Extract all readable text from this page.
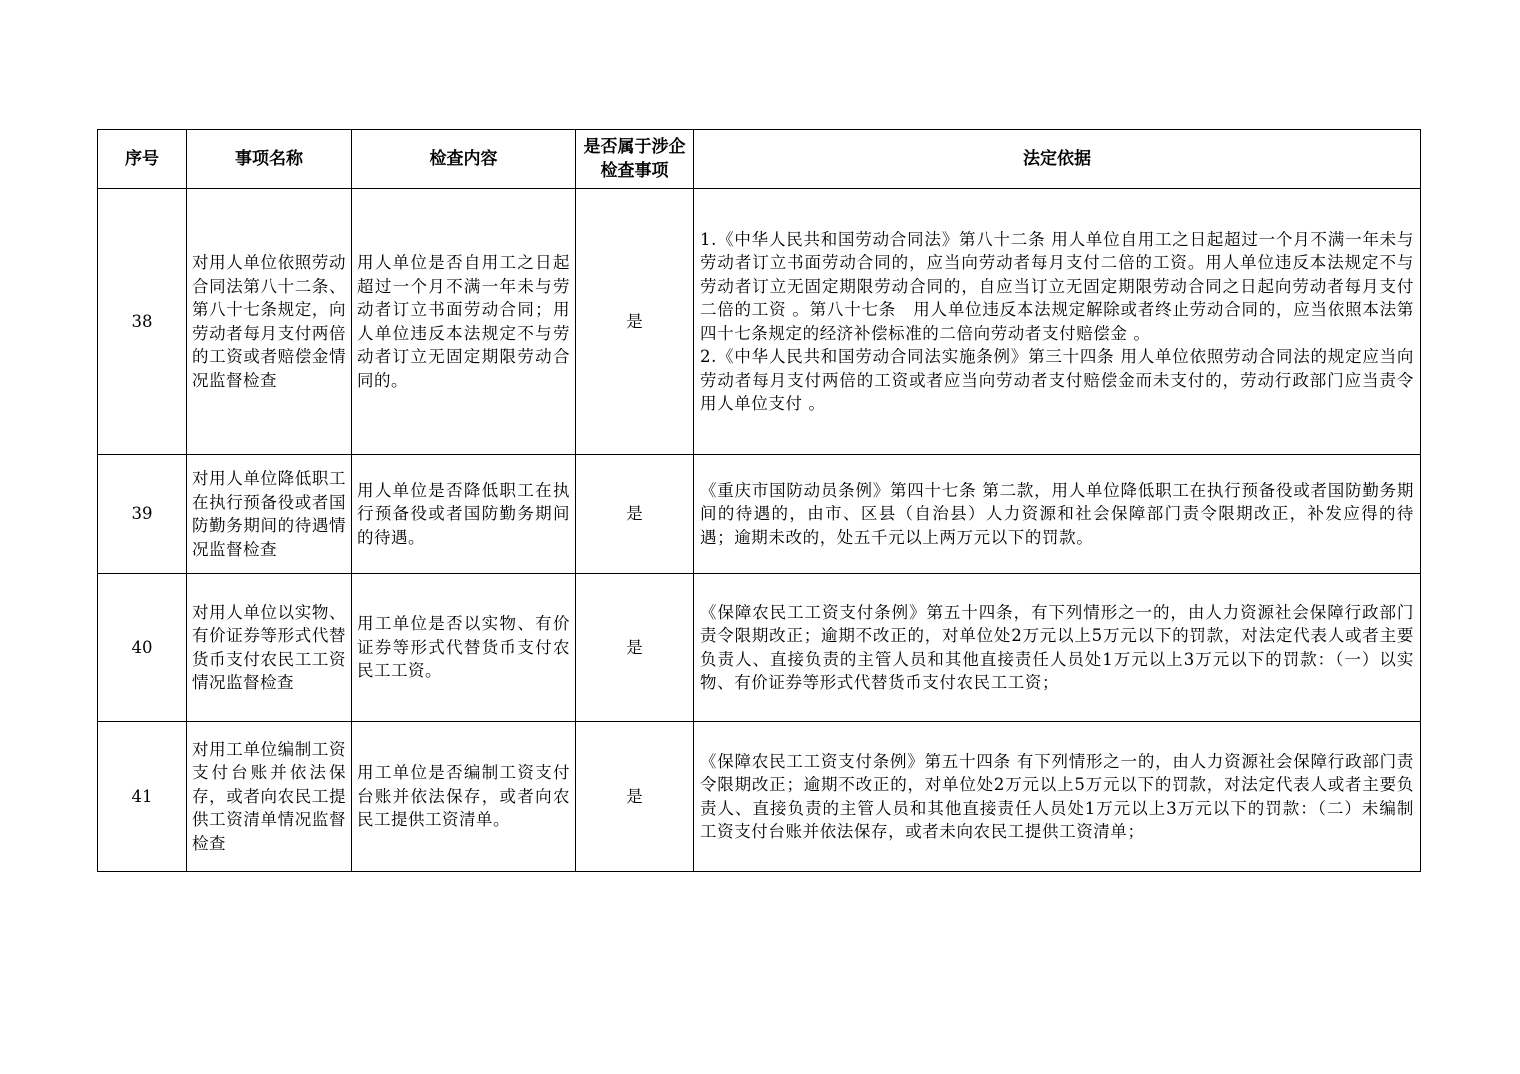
序号	事项名称	检查内容	是否属于涉企检查事项	法定依据
38	对用人单位依照劳动合同法第八十二条、第八十七条规定，向劳动者每月支付两倍的工资或者赔偿金情况监督检查	用人单位是否自用工之日起超过一个月不满一年未与劳动者订立书面劳动合同；用人单位违反本法规定不与劳动者订立无固定期限劳动合同的。	是	1.《中华人民共和国劳动合同法》第八十二条 用人单位自用工之日起超过一个月不满一年未与劳动者订立书面劳动合同的，应当向劳动者每月支付二倍的工资。用人单位违反本法规定不与劳动者订立无固定期限劳动合同的，自应当订立无固定期限劳动合同之日起向劳动者每月支付二倍的工资 。第八十七条　用人单位违反本法规定解除或者终止劳动合同的，应当依照本法第四十七条规定的经济补偿标准的二倍向劳动者支付赔偿金 。
2.《中华人民共和国劳动合同法实施条例》第三十四条 用人单位依照劳动合同法的规定应当向劳动者每月支付两倍的工资或者应当向劳动者支付赔偿金而未支付的，劳动行政部门应当责令用人单位支付 。

39	对用人单位降低职工在执行预备役或者国防勤务期间的待遇情况监督检查	用人单位是否降低职工在执行预备役或者国防勤务期间的待遇。	是	《重庆市国防动员条例》第四十七条 第二款，用人单位降低职工在执行预备役或者国防勤务期间的待遇的，由市、区县（自治县）人力资源和社会保障部门责令限期改正，补发应得的待遇；逾期未改的，处五千元以上两万元以下的罚款。

40	对用人单位以实物、有价证券等形式代替货币支付农民工工资情况监督检查	用工单位是否以实物、有价证券等形式代替货币支付农民工工资。	是	《保障农民工工资支付条例》第五十四条，有下列情形之一的，由人力资源社会保障行政部门责令限期改正；逾期不改正的，对单位处2万元以上5万元以下的罚款，对法定代表人或者主要负责人、直接负责的主管人员和其他直接责任人员处1万元以上3万元以下的罚款：（一）以实物、有价证券等形式代替货币支付农民工工资；

41	对用工单位编制工资支付台账并依法保存，或者向农民工提供工资清单情况监督检查	用工单位是否编制工资支付台账并依法保存，或者向农民工提供工资清单。	是	《保障农民工工资支付条例》第五十四条 有下列情形之一的，由人力资源社会保障行政部门责令限期改正；逾期不改正的，对单位处2万元以上5万元以下的罚款，对法定代表人或者主要负责人、直接负责的主管人员和其他直接责任人员处1万元以上3万元以下的罚款：（二）未编制工资支付台账并依法保存，或者未向农民工提供工资清单；
